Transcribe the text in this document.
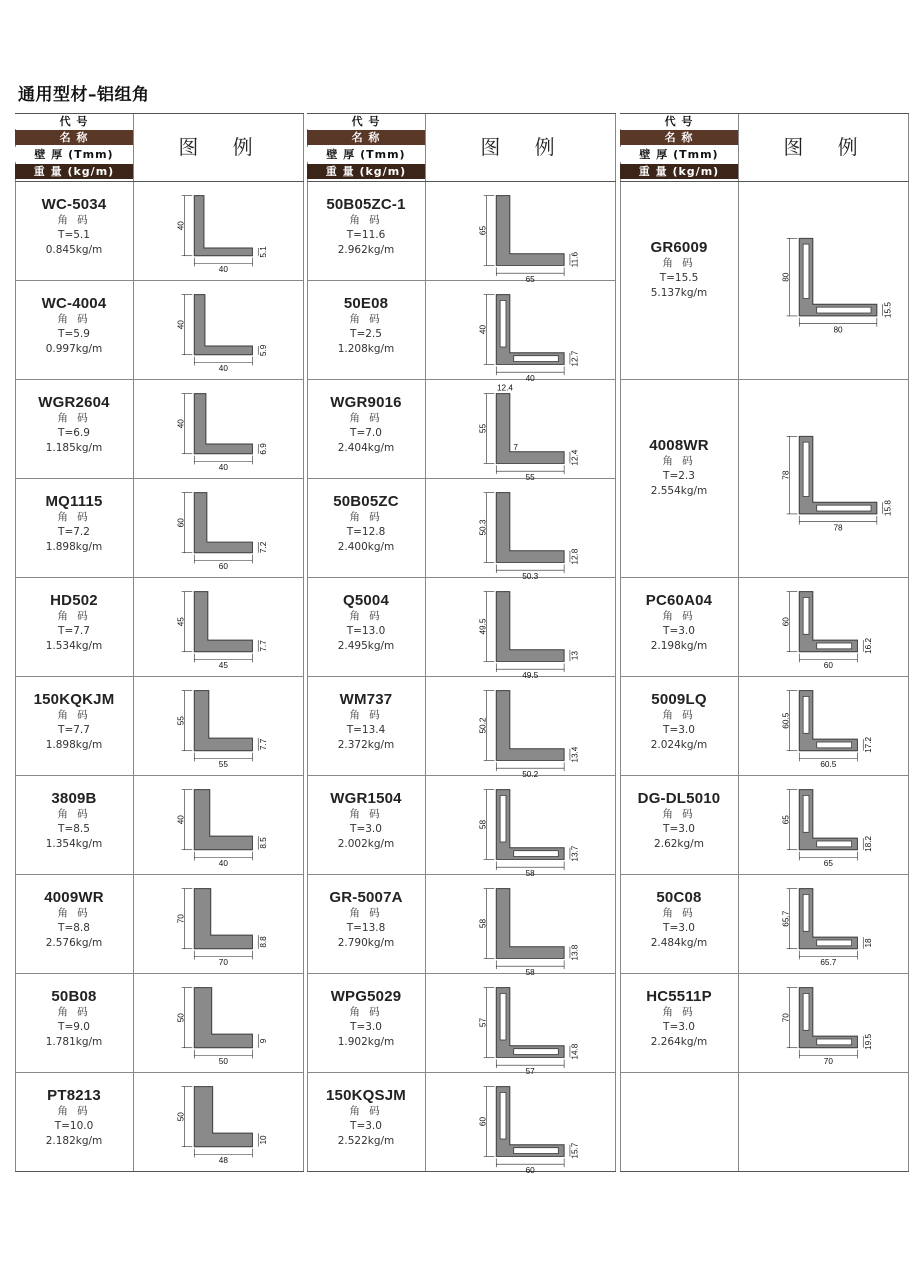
通用型材–铝组角
代 号
名 称
壁 厚 (Tmm)
重 量 (kg/m)
图 例
WC-5034
角 码
T=5.1
0.845kg/m
40
40
5.1
WC-4004
角 码
T=5.9
0.997kg/m
40
40
5.9
WGR2604
角 码
T=6.9
1.185kg/m
40
40
6.9
MQ1115
角 码
T=7.2
1.898kg/m
60
60
7.2
HD502
角 码
T=7.7
1.534kg/m
45
45
7.7
150KQKJM
角 码
T=7.7
1.898kg/m
55
55
7.7
3809B
角 码
T=8.5
1.354kg/m
40
40
8.5
4009WR
角 码
T=8.8
2.576kg/m
70
70
8.8
50B08
角 码
T=9.0
1.781kg/m
50
50
9
PT8213
角 码
T=10.0
2.182kg/m
50
48
10
代 号
名 称
壁 厚 (Tmm)
重 量 (kg/m)
图 例
50B05ZC-1
角 码
T=11.6
2.962kg/m
65
65
11.6
50E08
角 码
T=2.5
1.208kg/m
40
40
12.7
WGR9016
角 码
T=7.0
2.404kg/m
55
55
12.4
12.4
7
50B05ZC
角 码
T=12.8
2.400kg/m
50.3
50.3
12.8
Q5004
角 码
T=13.0
2.495kg/m
49.5
49.5
13
WM737
角 码
T=13.4
2.372kg/m
50.2
50.2
13.4
WGR1504
角 码
T=3.0
2.002kg/m
58
58
13.7
GR-5007A
角 码
T=13.8
2.790kg/m
58
58
13.8
WPG5029
角 码
T=3.0
1.902kg/m
57
57
14.8
150KQSJM
角 码
T=3.0
2.522kg/m
60
60
15.7
代 号
名 称
壁 厚 (Tmm)
重 量 (kg/m)
图 例
GR6009
角 码
T=15.5
5.137kg/m
80
80
15.5
4008WR
角 码
T=2.3
2.554kg/m
78
78
15.8
PC60A04
角 码
T=3.0
2.198kg/m
60
60
16.2
5009LQ
角 码
T=3.0
2.024kg/m
60.5
60.5
17.2
DG-DL5010
角 码
T=3.0
2.62kg/m
65
65
18.2
50C08
角 码
T=3.0
2.484kg/m
65.7
65.7
18
HC5511P
角 码
T=3.0
2.264kg/m
70
70
19.5
